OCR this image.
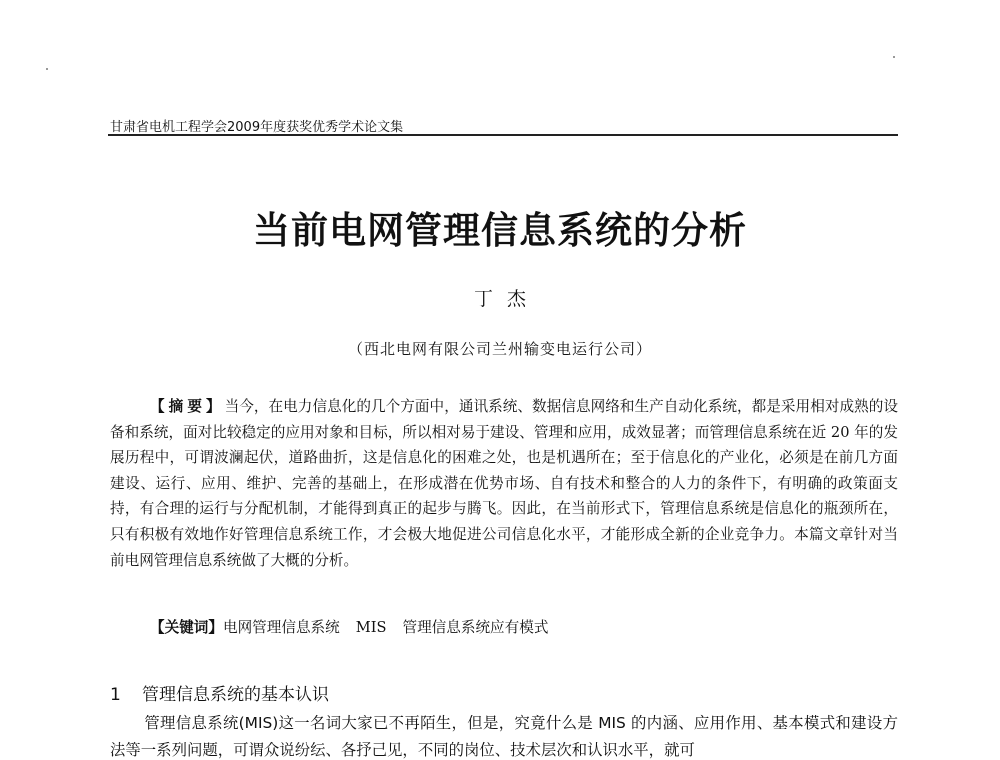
甘肃省电机工程学会2009年度获奖优秀学术论文集
当前电网管理信息系统的分析
丁杰
（西北电网有限公司兰州输变电运行公司）
【摘要】当今，在电力信息化的几个方面中，通讯系统、数据信息网络和生产自动化系统，都是采用相对成熟的设备和系统，面对比较稳定的应用对象和目标，所以相对易于建设、管理和应用，成效显著；而管理信息系统在近 20 年的发展历程中，可谓波澜起伏，道路曲折，这是信息化的困难之处，也是机遇所在；至于信息化的产业化，必须是在前几方面建设、运行、应用、维护、完善的基础上，在形成潜在优势市场、自有技术和整合的人力的条件下，有明确的政策面支持，有合理的运行与分配机制，才能得到真正的起步与腾飞。因此，在当前形式下，管理信息系统是信息化的瓶颈所在，只有积极有效地作好管理信息系统工作，才会极大地促进公司信息化水平，才能形成全新的企业竞争力。本篇文章针对当前电网管理信息系统做了大概的分析。
【关键词】电网管理信息系统 MIS 管理信息系统应有模式
1 管理信息系统的基本认识
管理信息系统(MIS)这一名词大家已不再陌生，但是，究竟什么是 MIS 的内涵、应用作用、基本模式和建设方法等一系列问题，可谓众说纷纭、各抒己见，不同的岗位、技术层次和认识水平，就可
